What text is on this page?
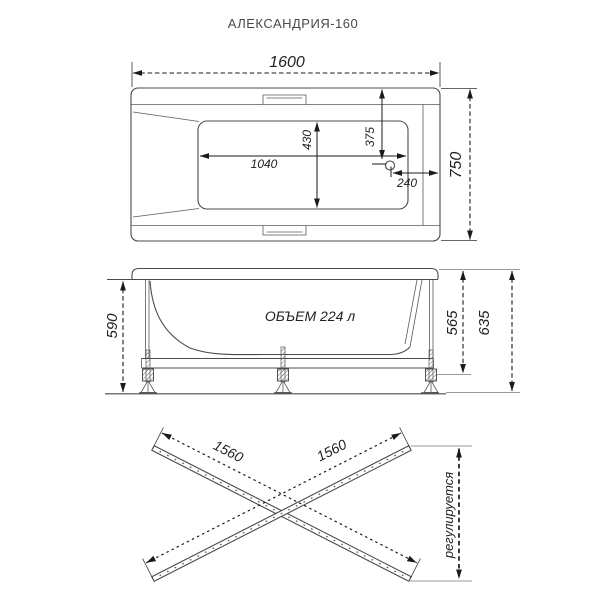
АЛЕКСАНДРИЯ-160
1600
750
1040
430	375
240
ОБЪЕМ 224 л
590	565 635
1560	1560
регулируется
